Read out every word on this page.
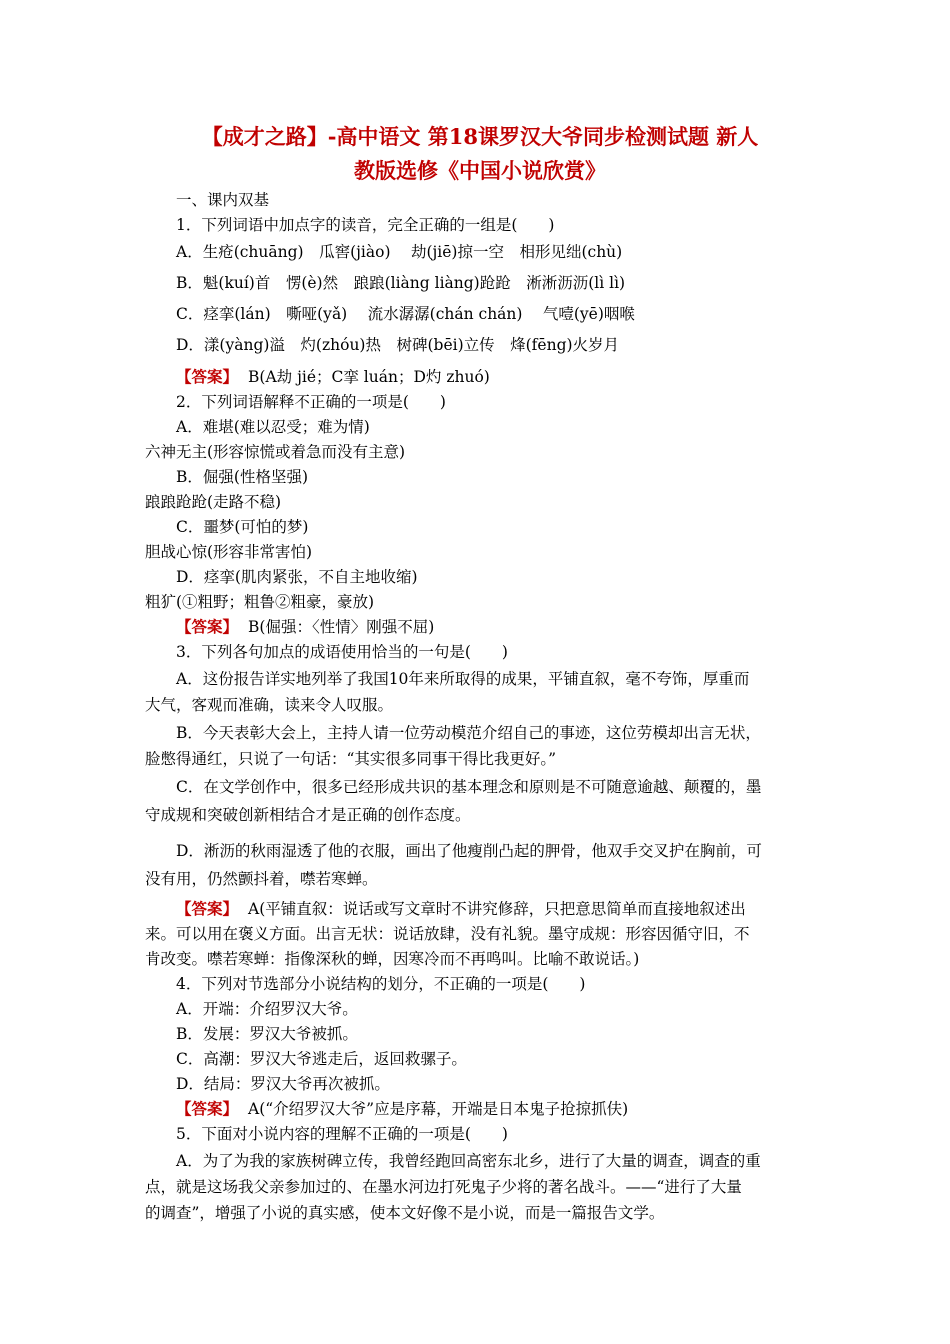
【成才之路】-高中语文 第18课罗汉大爷同步检测试题 新人
教版选修《中国小说欣赏》
一、课内双基
1．下列词语中加点字的读音，完全正确的一组是(　　)
A．生疮(chuāng)　瓜窖(jiào)　 劫(jiē)掠一空　相形见绌(chù)
B．魁(kuí)首　愣(è)然　踉踉(liàng liàng)跄跄　淅淅沥沥(lì lì)
C．痉挛(lán)　嘶哑(yǎ)　 流水潺潺(chán chán)　 气噎(yē)咽喉
D．漾(yàng)溢　灼(zhóu)热　树碑(bēi)立传　烽(fēng)火岁月
【答案】 B(A劫 jié；C挛 luán；D灼 zhuó)
2．下列词语解释不正确的一项是(　　)
A．难堪(难以忍受；难为情)
六神无主(形容惊慌或着急而没有主意)
B．倔强(性格坚强)
踉踉跄跄(走路不稳)
C．噩梦(可怕的梦)
胆战心惊(形容非常害怕)
D．痉挛(肌肉紧张，不自主地收缩)
粗犷(①粗野；粗鲁②粗豪，豪放)
【答案】 B(倔强：〈性情〉刚强不屈)
3．下列各句加点的成语使用恰当的一句是(　　)
A．这份报告详实地列举了我国10年来所取得的成果，平铺直叙，毫不夸饰，厚重而
大气，客观而准确，读来令人叹服。
B．今天表彰大会上，主持人请一位劳动模范介绍自己的事迹，这位劳模却出言无状，
脸憋得通红，只说了一句话：“其实很多同事干得比我更好。”
C．在文学创作中，很多已经形成共识的基本理念和原则是不可随意逾越、颠覆的，墨
守成规和突破创新相结合才是正确的创作态度。
D．淅沥的秋雨湿透了他的衣服，画出了他瘦削凸起的胛骨，他双手交叉护在胸前，可
没有用，仍然颤抖着，噤若寒蝉。
【答案】 A(平铺直叙：说话或写文章时不讲究修辞，只把意思简单而直接地叙述出
来。可以用在褒义方面。出言无状：说话放肆，没有礼貌。墨守成规：形容因循守旧，不
肯改变。噤若寒蝉：指像深秋的蝉，因寒冷而不再鸣叫。比喻不敢说话。)
4．下列对节选部分小说结构的划分，不正确的一项是(　　)
A．开端：介绍罗汉大爷。
B．发展：罗汉大爷被抓。
C．高潮：罗汉大爷逃走后，返回救骡子。
D．结局：罗汉大爷再次被抓。
【答案】 A(“介绍罗汉大爷”应是序幕，开端是日本鬼子抢掠抓伕)
5．下面对小说内容的理解不正确的一项是(　　)
A．为了为我的家族树碑立传，我曾经跑回高密东北乡，进行了大量的调查，调查的重
点，就是这场我父亲参加过的、在墨水河边打死鬼子少将的著名战斗。——“进行了大量
的调查”，增强了小说的真实感，使本文好像不是小说，而是一篇报告文学。
